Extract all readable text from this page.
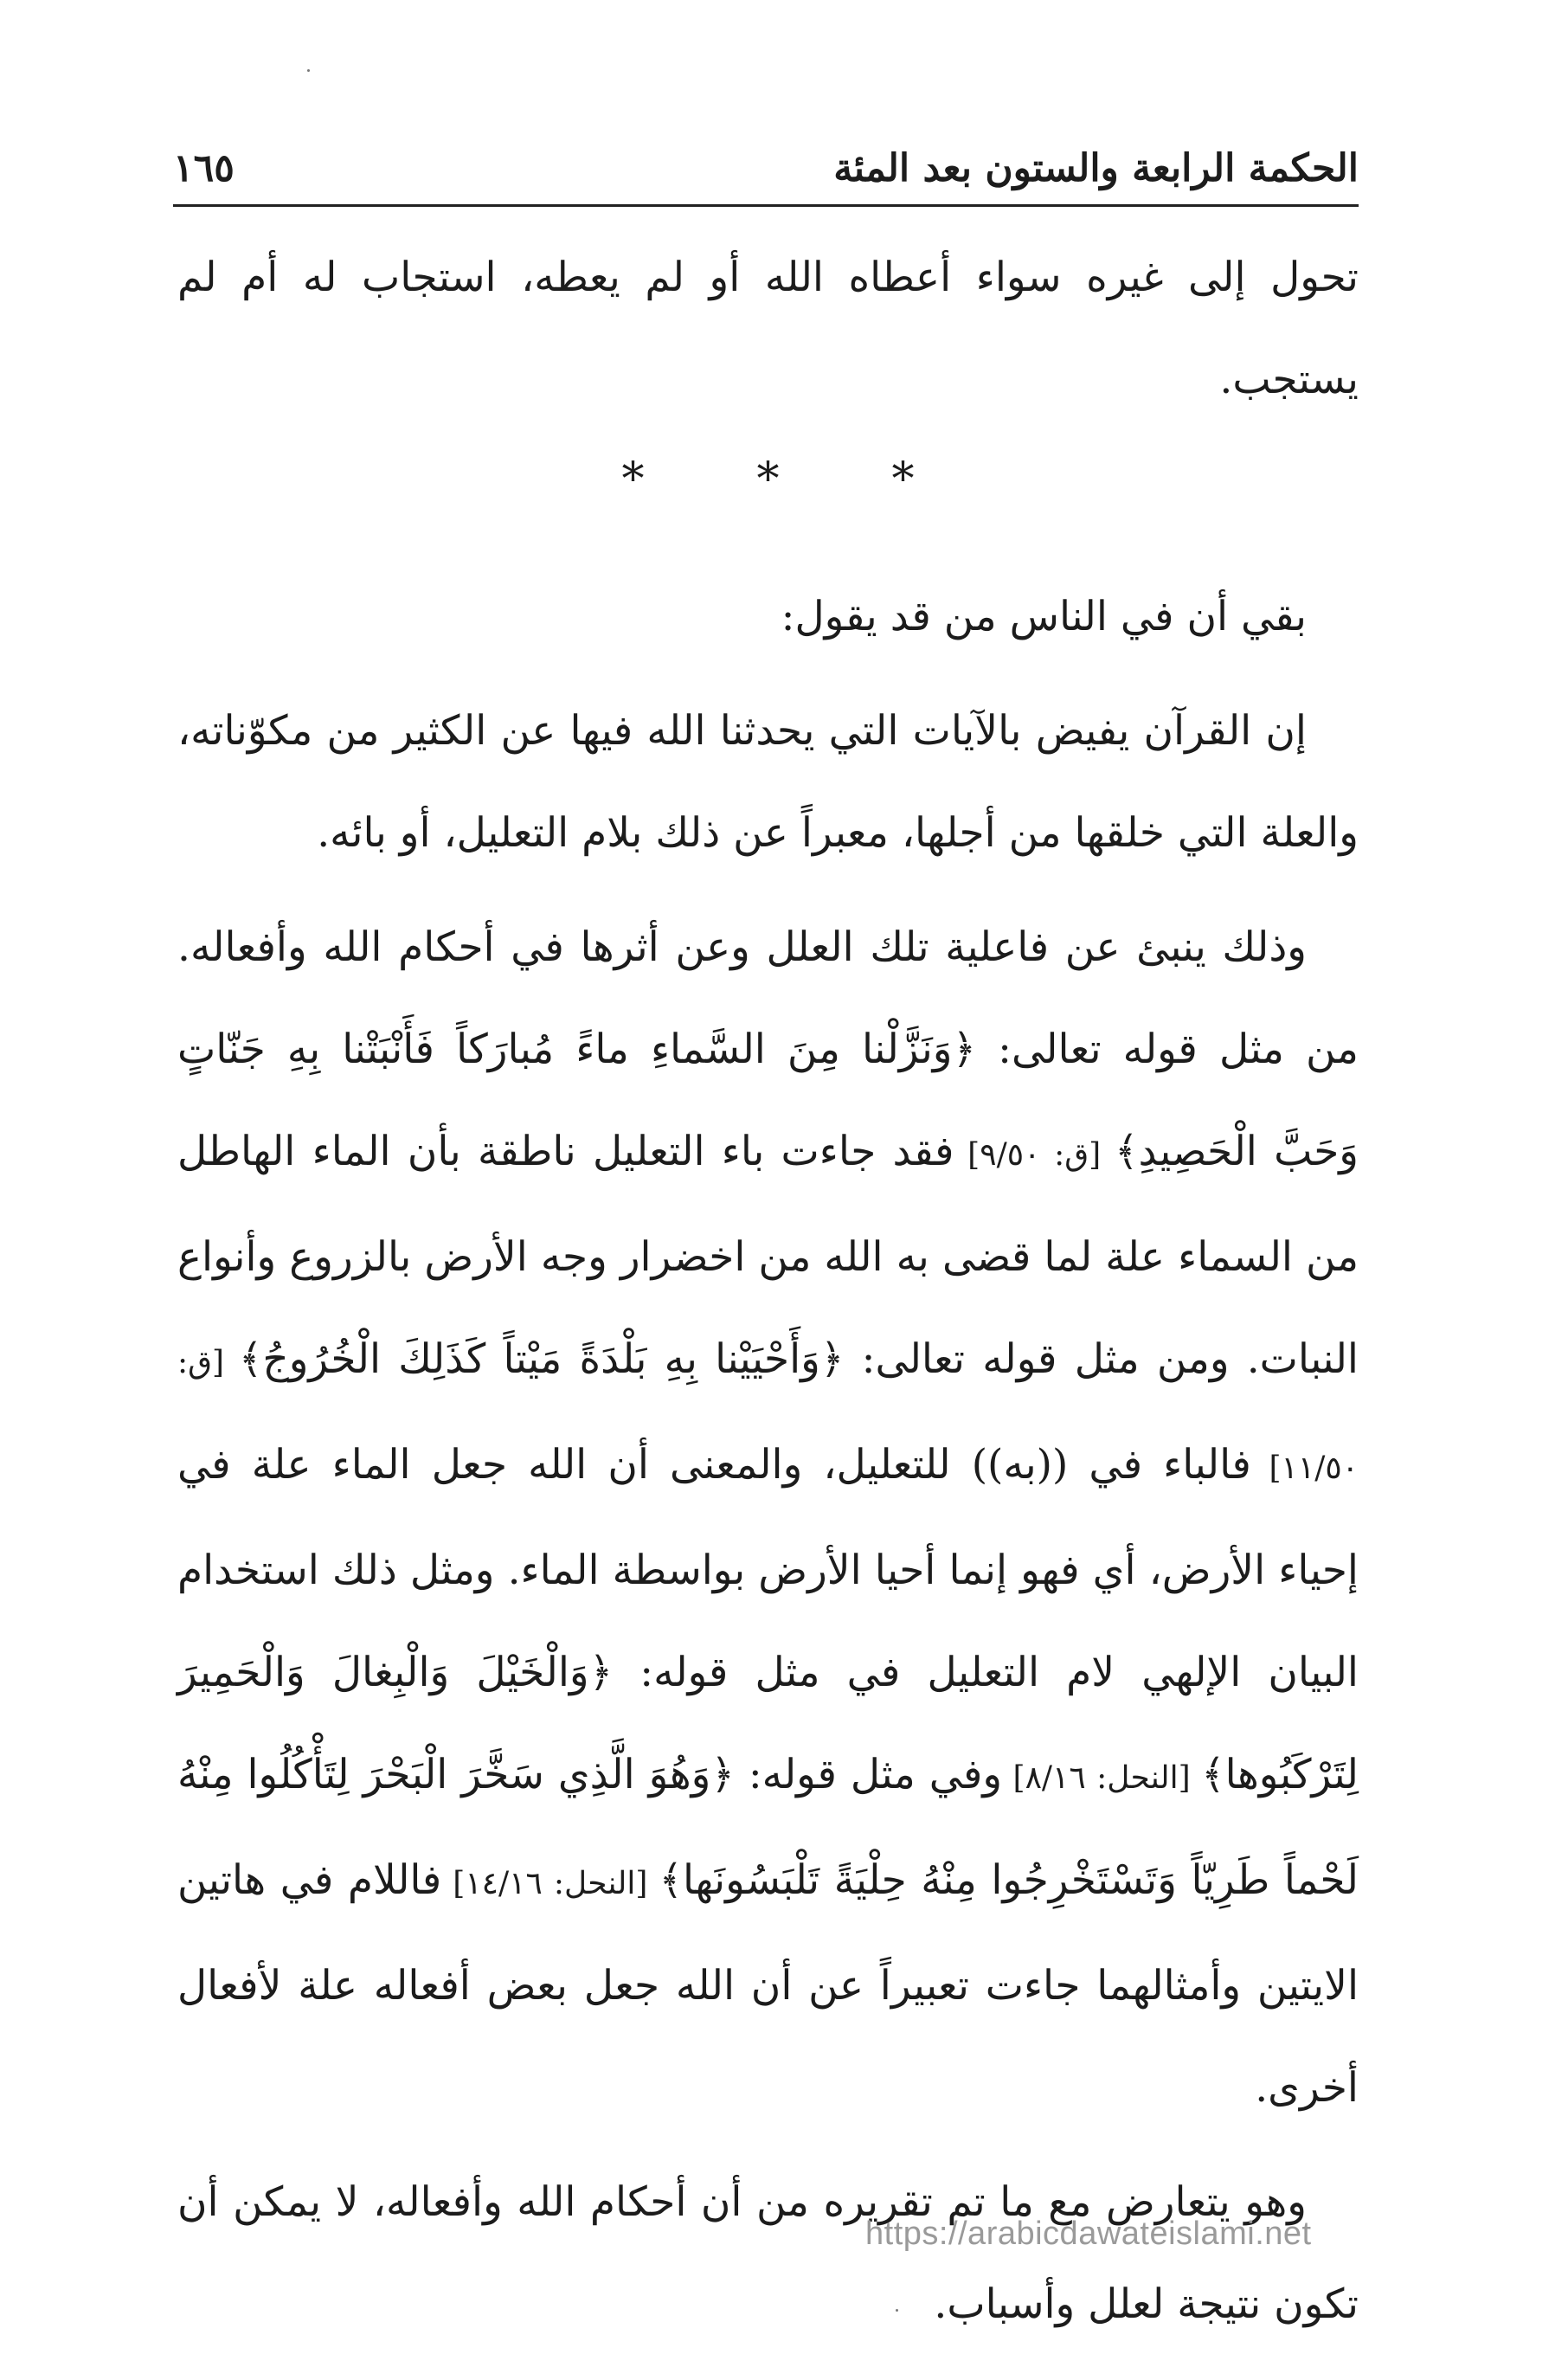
الحكمة الرابعة والستون بعد المئة
١٦٥

تحول إلى غيره سواء أعطاه الله أو لم يعطه، استجاب له أم لم يستجب.

*	*	*

بقي أن في الناس من قد يقول:

إن القرآن يفيض بالآيات التي يحدثنا الله فيها عن الكثير من مكوّناته، والعلة التي خلقها من أجلها، معبراً عن ذلك بلام التعليل، أو بائه.

وذلك ينبئ عن فاعلية تلك العلل وعن أثرها في أحكام الله وأفعاله. من مثل قوله تعالى: ﴿وَنَزَّلْنا مِنَ السَّماءِ ماءً مُبارَكاً فَأَنْبَتْنا بِهِ جَنّاتٍ وَحَبَّ الْحَصِيدِ﴾ [ق: ٩/٥٠] فقد جاءت باء التعليل ناطقة بأن الماء الهاطل من السماء علة لما قضى به الله من اخضرار وجه الأرض بالزروع وأنواع النبات. ومن مثل قوله تعالى: ﴿وَأَحْيَيْنا بِهِ بَلْدَةً مَيْتاً كَذَلِكَ الْخُرُوجُ﴾ [ق: ١١/٥٠] فالباء في ((به)) للتعليل، والمعنى أن الله جعل الماء علة في إحياء الأرض، أي فهو إنما أحيا الأرض بواسطة الماء. ومثل ذلك استخدام البيان الإلهي لام التعليل في مثل قوله: ﴿وَالْخَيْلَ وَالْبِغالَ وَالْحَمِيرَ لِتَرْكَبُوها﴾ [النحل: ٨/١٦] وفي مثل قوله: ﴿وَهُوَ الَّذِي سَخَّرَ الْبَحْرَ لِتَأْكُلُوا مِنْهُ لَحْماً طَرِيّاً وَتَسْتَخْرِجُوا مِنْهُ حِلْيَةً تَلْبَسُونَها﴾ [النحل: ١٤/١٦] فاللام في هاتين الايتين وأمثالهما جاءت تعبيراً عن أن الله جعل بعض أفعاله علة لأفعال أخرى.

وهو يتعارض مع ما تم تقريره من أن أحكام الله وأفعاله، لا يمكن أن تكون نتيجة لعلل وأسباب.

https://arabicdawateislami.net
